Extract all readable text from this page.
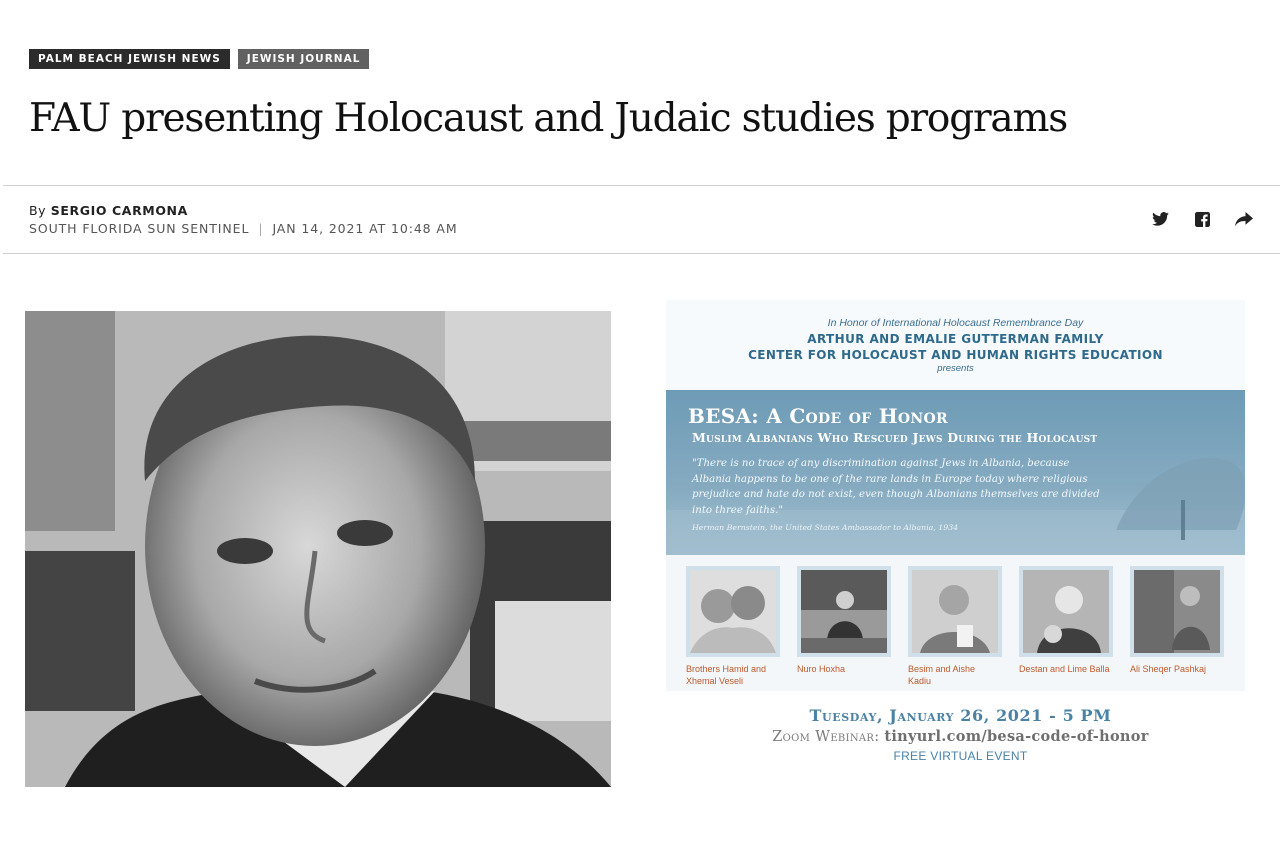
PALM BEACH JEWISH NEWS	JEWISH JOURNAL
FAU presenting Holocaust and Judaic studies programs
By SERGIO CARMONA
SOUTH FLORIDA SUN SENTINEL | JAN 14, 2021 AT 10:48 AM
In Honor of International Holocaust Remembrance Day
ARTHUR AND EMALIE GUTTERMAN FAMILY
CENTER FOR HOLOCAUST AND HUMAN RIGHTS EDUCATION
presents
BESA: A Code of Honor
Muslim Albanians Who Rescued Jews During the Holocaust
"There is no trace of any discrimination against Jews in Albania, because Albania happens to be one of the rare lands in Europe today where religious prejudice and hate do not exist, even though Albanians themselves are divided into three faiths."
Herman Bernstein, the United States Ambassador to Albania, 1934
Brothers Hamid and Xhemal Veseli
Nuro Hoxha	Besim and Aishe Kadiu
Destan and Lime Balla Ali Sheqer Pashkaj
Tuesday, January 26, 2021 - 5 PM
Zoom Webinar: tinyurl.com/besa-code-of-honor
FREE VIRTUAL EVENT
